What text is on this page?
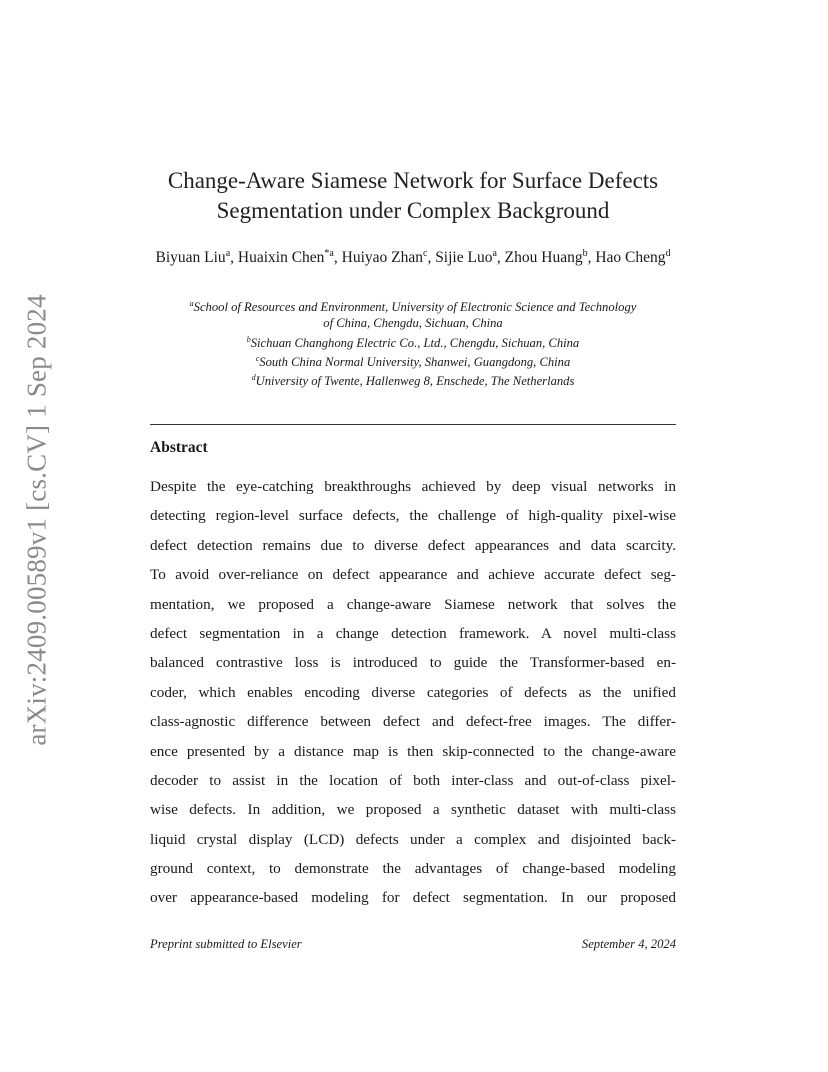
arXiv:2409.00589v1 [cs.CV] 1 Sep 2024
Change-Aware Siamese Network for Surface Defects
Segmentation under Complex Background
Biyuan Liu$^a$, Huaixin Chen$^{*a}$, Huiyao Zhan$^c$, Sijie Luo$^a$, Zhou Huang$^b$, Hao Cheng$^d$
$^a$School of Resources and Environment, University of Electronic Science and Technology
of China, Chengdu, Sichuan, China
$^b$Sichuan Changhong Electric Co., Ltd., Chengdu, Sichuan, China
$^c$South China Normal University, Shanwei, Guangdong, China
$^d$University of Twente, Hallenweg 8, Enschede, The Netherlands
Abstract
Despite the eye-catching breakthroughs achieved by deep visual networks in
detecting region-level surface defects, the challenge of high-quality pixel-wise
defect detection remains due to diverse defect appearances and data scarcity.
To avoid over-reliance on defect appearance and achieve accurate defect seg-
mentation, we proposed a change-aware Siamese network that solves the
defect segmentation in a change detection framework. A novel multi-class
balanced contrastive loss is introduced to guide the Transformer-based en-
coder, which enables encoding diverse categories of defects as the unified
class-agnostic difference between defect and defect-free images. The differ-
ence presented by a distance map is then skip-connected to the change-aware
decoder to assist in the location of both inter-class and out-of-class pixel-
wise defects. In addition, we proposed a synthetic dataset with multi-class
liquid crystal display (LCD) defects under a complex and disjointed back-
ground context, to demonstrate the advantages of change-based modeling
over appearance-based modeling for defect segmentation. In our proposed
Preprint submitted to Elsevier	September 4, 2024
